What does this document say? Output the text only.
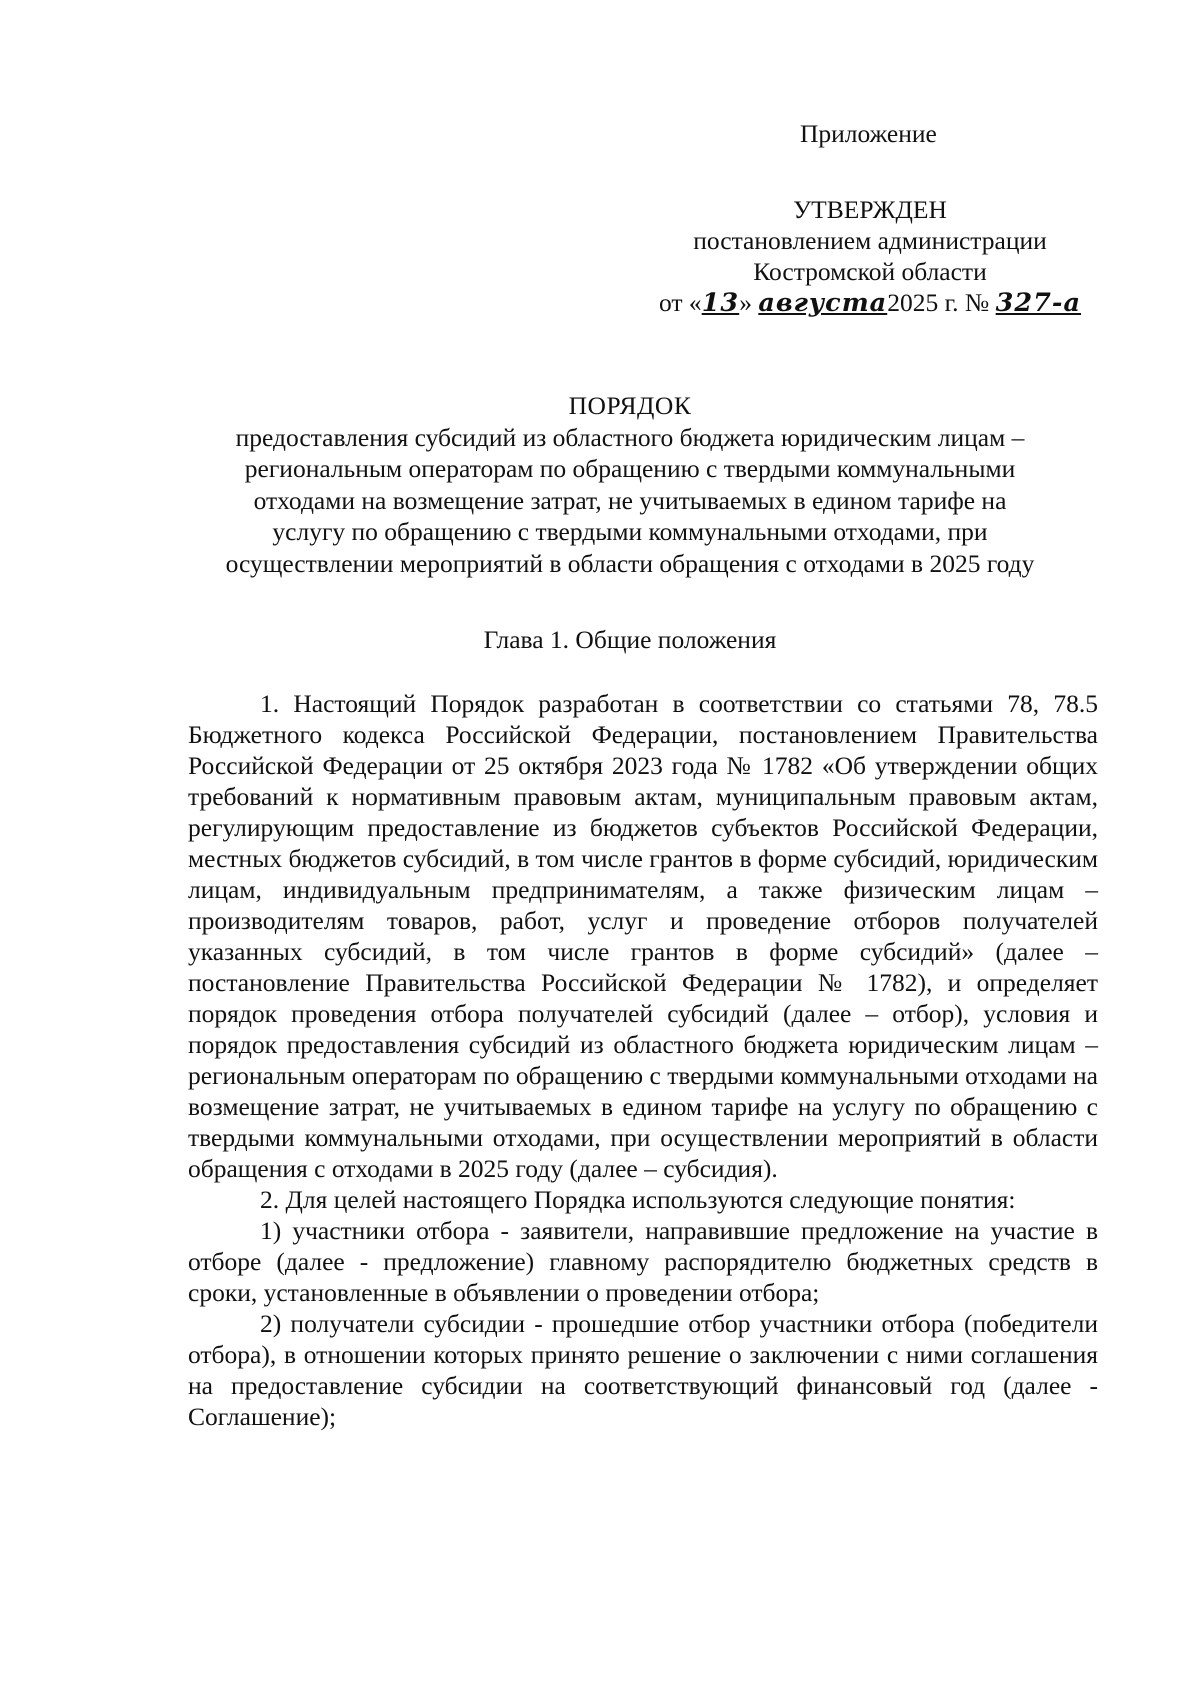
Приложение
УТВЕРЖДЕН
постановлением администрации
Костромской области
от «13» августа2025 г. № 327-а
ПОРЯДОК
предоставления субсидий из областного бюджета юридическим лицам –
региональным операторам по обращению с твердыми коммунальными
отходами на возмещение затрат, не учитываемых в едином тарифе на
услугу по обращению с твердыми коммунальными отходами, при
осуществлении мероприятий в области обращения с отходами в 2025 году
Глава 1. Общие положения

1. Настоящий Порядок разработан в соответствии со статьями 78, 78.5 Бюджетного кодекса Российской Федерации, постановлением Правительства Российской Федерации от 25 октября 2023 года № 1782 «Об утверждении общих требований к нормативным правовым актам, муниципальным правовым актам, регулирующим предоставление из бюджетов субъектов Российской Федерации, местных бюджетов субсидий, в том числе грантов в форме субсидий, юридическим лицам, индивидуальным предпринимателям, а также физическим лицам – производителям товаров, работ, услуг и проведение отборов получателей указанных субсидий, в том числе грантов в форме субсидий» (далее – постановление Правительства Российской Федерации № 1782), и определяет порядок проведения отбора получателей субсидий (далее – отбор), условия и порядок предоставления субсидий из областного бюджета юридическим лицам – региональным операторам по обращению с твердыми коммунальными отходами на возмещение затрат, не учитываемых в едином тарифе на услугу по обращению с твердыми коммунальными отходами, при осуществлении мероприятий в области обращения с отходами в 2025 году (далее – субсидия).

2. Для целей настоящего Порядка используются следующие понятия:

1) участники отбора - заявители, направившие предложение на участие в отборе (далее - предложение) главному распорядителю бюджетных средств в сроки, установленные в объявлении о проведении отбора;

2) получатели субсидии - прошедшие отбор участники отбора (победители отбора), в отношении которых принято решение о заключении с ними соглашения на предоставление субсидии на соответствующий финансовый год (далее - Соглашение);
